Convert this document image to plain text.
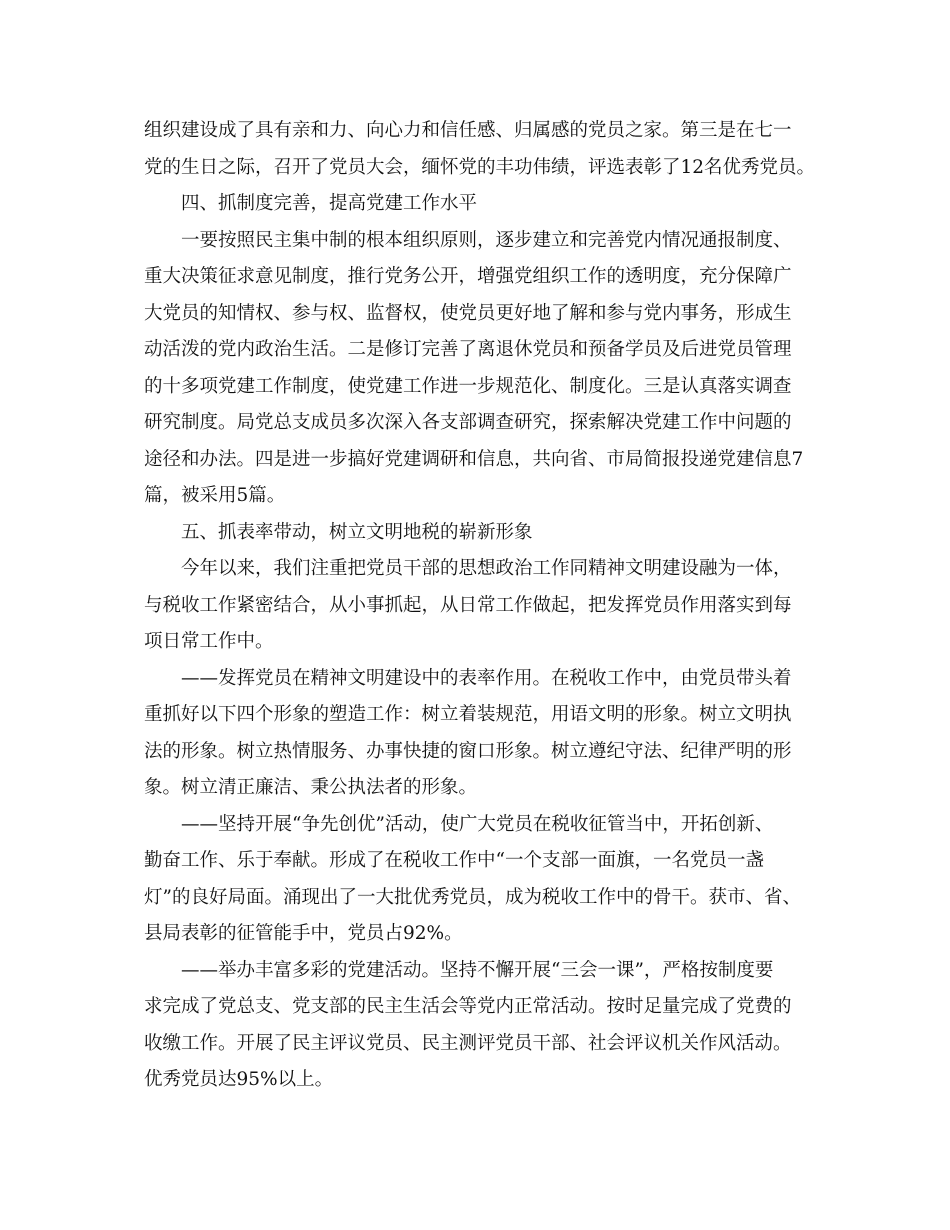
组织建设成了具有亲和力、向心力和信任感、归属感的党员之家。第三是在七一
党的生日之际，召开了党员大会，缅怀党的丰功伟绩，评选表彰了12名优秀党员。
四、抓制度完善，提高党建工作水平
一要按照民主集中制的根本组织原则，逐步建立和完善党内情况通报制度、
重大决策征求意见制度，推行党务公开，增强党组织工作的透明度，充分保障广
大党员的知情权、参与权、监督权，使党员更好地了解和参与党内事务，形成生
动活泼的党内政治生活。二是修订完善了离退休党员和预备学员及后进党员管理
的十多项党建工作制度，使党建工作进一步规范化、制度化。三是认真落实调查
研究制度。局党总支成员多次深入各支部调查研究，探索解决党建工作中问题的
途径和办法。四是进一步搞好党建调研和信息，共向省、市局简报投递党建信息7
篇，被采用5篇。
五、抓表率带动，树立文明地税的崭新形象
今年以来，我们注重把党员干部的思想政治工作同精神文明建设融为一体，
与税收工作紧密结合，从小事抓起，从日常工作做起，把发挥党员作用落实到每
项日常工作中。
——发挥党员在精神文明建设中的表率作用。在税收工作中，由党员带头着
重抓好以下四个形象的塑造工作：树立着装规范，用语文明的形象。树立文明执
法的形象。树立热情服务、办事快捷的窗口形象。树立遵纪守法、纪律严明的形
象。树立清正廉洁、秉公执法者的形象。
——坚持开展“争先创优”活动，使广大党员在税收征管当中，开拓创新、
勤奋工作、乐于奉献。形成了在税收工作中“一个支部一面旗，一名党员一盏
灯”的良好局面。涌现出了一大批优秀党员，成为税收工作中的骨干。获市、省、
县局表彰的征管能手中，党员占92%。
——举办丰富多彩的党建活动。坚持不懈开展“三会一课”，严格按制度要
求完成了党总支、党支部的民主生活会等党内正常活动。按时足量完成了党费的
收缴工作。开展了民主评议党员、民主测评党员干部、社会评议机关作风活动。
优秀党员达95%以上。
